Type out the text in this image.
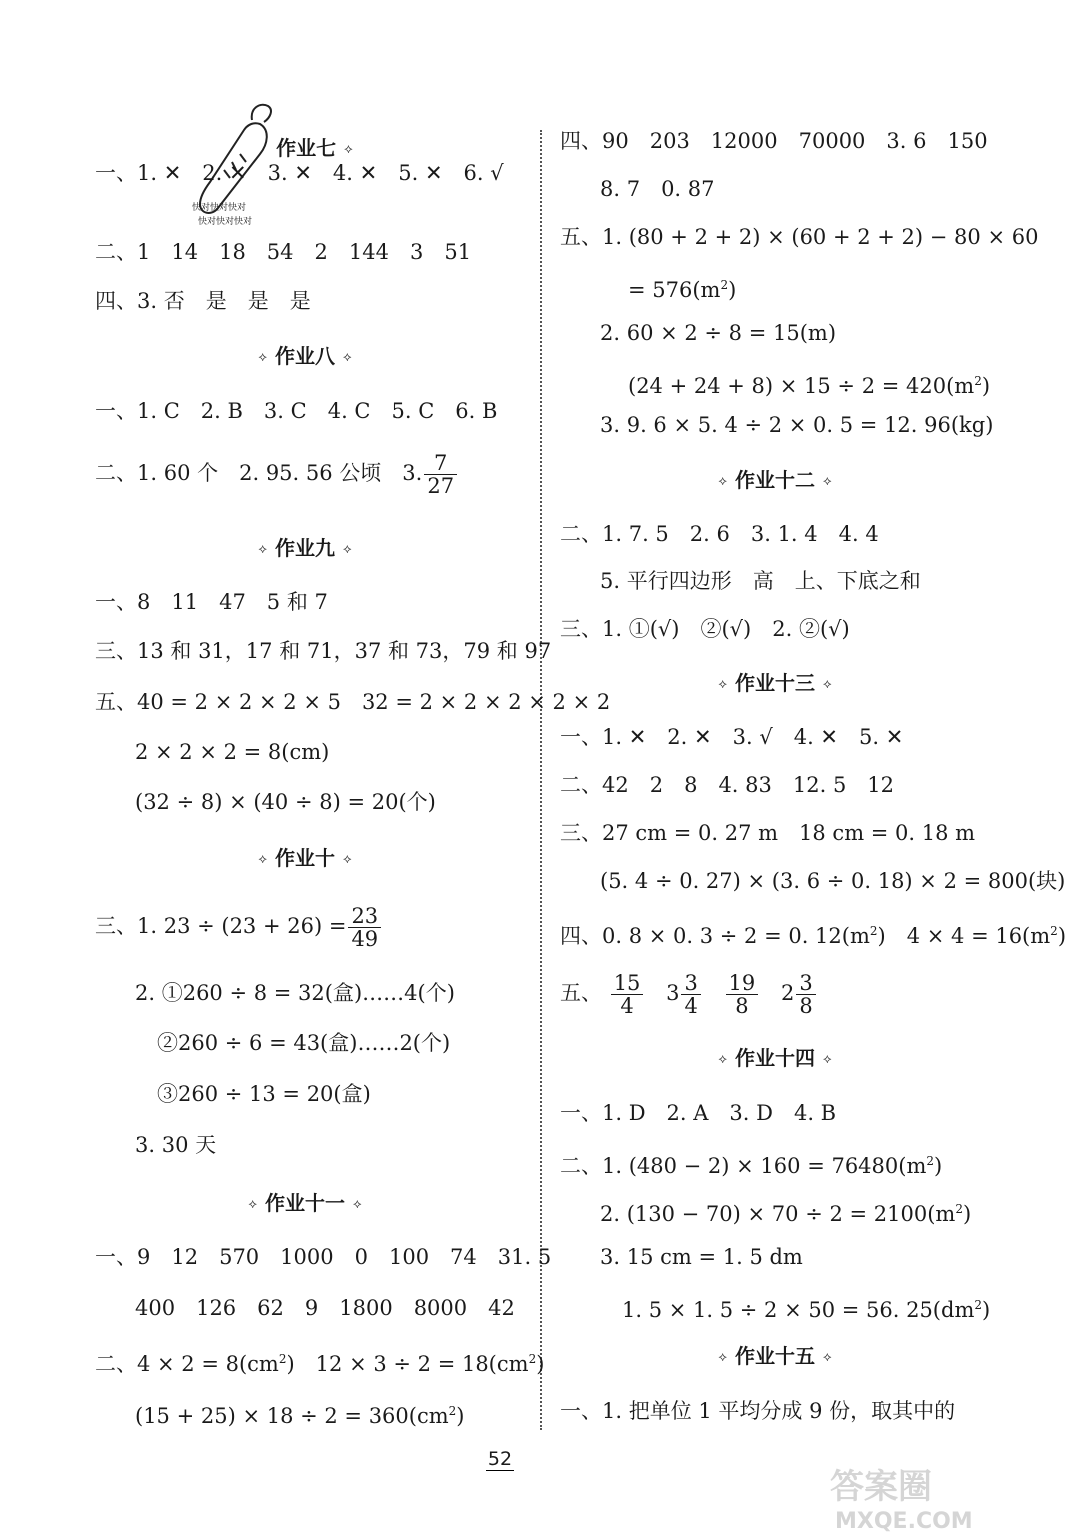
快对快对快对
快对快对快对
作业七 ⟡
一、1. ✕　2. ✕　3. ✕　4. ✕　5. ✕　6. √
二、1　14　18　54　2　144　3　51
四、3. 否　是　是　是
⟡ 作业八 ⟡
一、1. C　2. B　3. C　4. C　5. C　6. B
二、1. 60 个　2. 95. 56 公顷　3. $\frac{7}{27}$
⟡ 作业九 ⟡
一、8　11　47　5 和 7
三、13 和 31，17 和 71，37 和 73，79 和 97
五、40 = 2 × 2 × 2 × 5　32 = 2 × 2 × 2 × 2 × 2
2 × 2 × 2 = 8(cm)
(32 ÷ 8) × (40 ÷ 8) = 20(个)
⟡ 作业十 ⟡
三、1. $23 \div (23 + 26) = \frac{23}{49}$
2. ①260 ÷ 8 = 32(盒)……4(个)
②260 ÷ 6 = 43(盒)……2(个)
③260 ÷ 13 = 20(盒)
3. 30 天
⟡ 作业十一 ⟡
一、9　12　570　1000　0　100　74　31. 5
400　126　62　9　1800　8000　42
二、$4 \times 2 = 8(cm^2)$　$12 \times 3 \div 2 = 18(cm^2)$
$(15 + 25) \times 18 \div 2 = 360(cm^2)$
四、90　203　12000　70000　3. 6　150
8. 7　0. 87
五、1. (80 + 2 + 2) × (60 + 2 + 2) − 80 × 60
= $576(m^2)$
2. 60 × 2 ÷ 8 = 15(m)
$(24 + 24 + 8) \times 15 \div 2 = 420(m^2)$
3. 9. 6 × 5. 4 ÷ 2 × 0. 5 = 12. 96(kg)
⟡ 作业十二 ⟡
二、1. 7. 5　2. 6　3. 1. 4　4. 4
5. 平行四边形　高　上、下底之和
三、1. ①(√)　②(√)　2. ②(√)
⟡ 作业十三 ⟡
一、1. ✕　2. ✕　3. √　4. ✕　5. ✕
二、42　2　8　4. 83　12. 5　12
三、27 cm = 0. 27 m　18 cm = 0. 18 m
(5. 4 ÷ 0. 27) × (3. 6 ÷ 0. 18) × 2 = 800(块)
四、0. 8 × 0. 3 ÷ 2 = 0. $12(m^2)$　$4 \times 4 = 16(m^2)$
五、 $\frac{15}{4} 3 \frac{3}{4}$
$\frac{19}{8} 2 \frac{3}{8}$
⟡ 作业十四 ⟡
一、1. D　2. A　3. D　4. B
二、1. $(480 - 2) \times 160 = 76480(m^2)$
2. $(130 - 70) \times 70 \div 2 = 2100(m^2)$
3. 15 cm = 1. 5 dm
1. 5 × 1. 5 ÷ 2 × 50 = 56. $25(dm^2)$
⟡ 作业十五 ⟡
一、1. 把单位 1 平均分成 9 份，取其中的
52
答案圈
MXQE.COM
